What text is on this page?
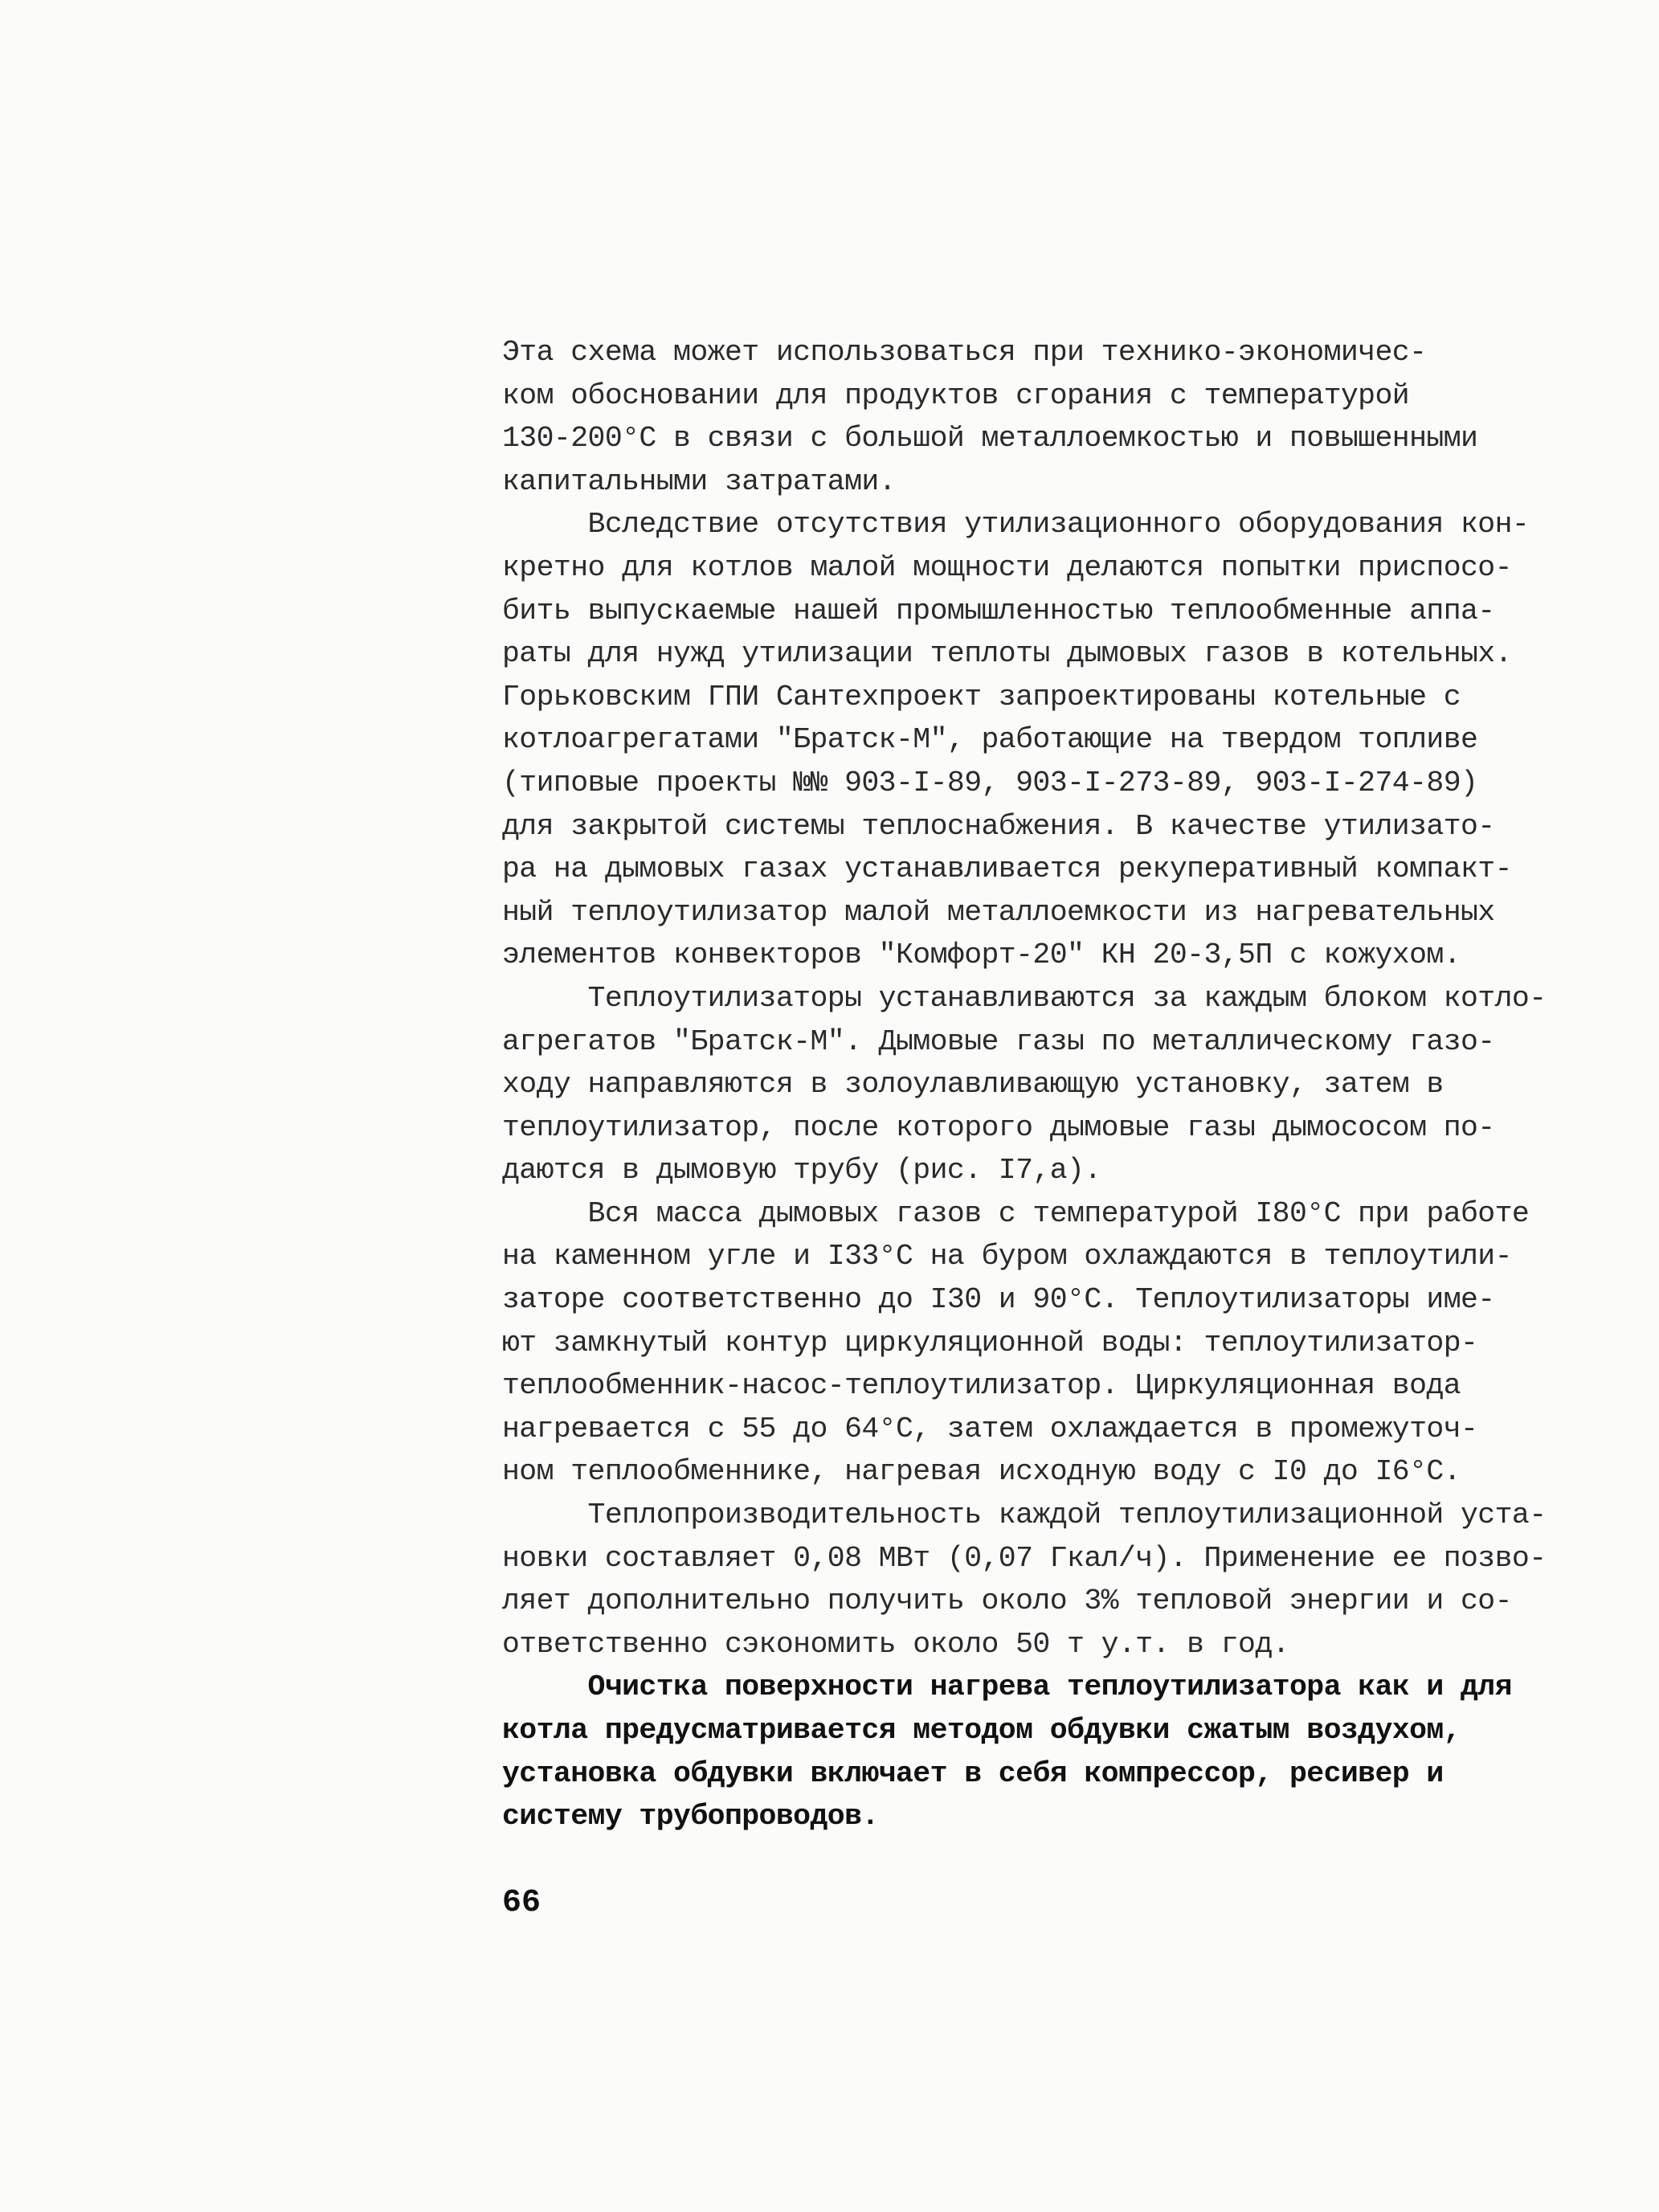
Эта схема может использоваться при технико-экономичес-
ком обосновании для продуктов сгорания с температурой
130-200°С в связи с большой металлоемкостью и повышенными
капитальными затратами.

Вследствие отсутствия утилизационного оборудования кон-
кретно для котлов малой мощности делаются попытки приспосо-
бить выпускаемые нашей промышленностью теплообменные аппа-
раты для нужд утилизации теплоты дымовых газов в котельных.
Горьковским ГПИ Сантехпроект запроектированы котельные с
котлоагрегатами "Братск-М", работающие на твердом топливе
(типовые проекты №№ 903-I-89, 903-I-273-89, 903-I-274-89)
для закрытой системы теплоснабжения. В качестве утилизато-
ра на дымовых газах устанавливается рекуперативный компакт-
ный теплоутилизатор малой металлоемкости из нагревательных
элементов конвекторов "Комфорт-20" КН 20-3,5П с кожухом.

Теплоутилизаторы устанавливаются за каждым блоком котло-
агрегатов "Братск-М". Дымовые газы по металлическому газо-
ходу направляются в золоулавливающую установку, затем в
теплоутилизатор, после которого дымовые газы дымососом по-
даются в дымовую трубу (рис. I7,а).

Вся масса дымовых газов с температурой I80°С при работе
на каменном угле и I33°С на буром охлаждаются в теплоутили-
заторе соответственно до I30 и 90°С. Теплоутилизаторы име-
ют замкнутый контур циркуляционной воды: теплоутилизатор-
теплообменник-насос-теплоутилизатор. Циркуляционная вода
нагревается с 55 до 64°С, затем охлаждается в промежуточ-
ном теплообменнике, нагревая исходную воду с I0 до I6°С.

Теплопроизводительность каждой теплоутилизационной уста-
новки составляет 0,08 МВт (0,07 Гкал/ч). Применение ее позво-
ляет дополнительно получить около 3% тепловой энергии и со-
ответственно сэкономить около 50 т у.т. в год.

Очистка поверхности нагрева теплоутилизатора как и для
котла предусматривается методом обдувки сжатым воздухом,
установка обдувки включает в себя компрессор, ресивер и
систему трубопроводов.

66
